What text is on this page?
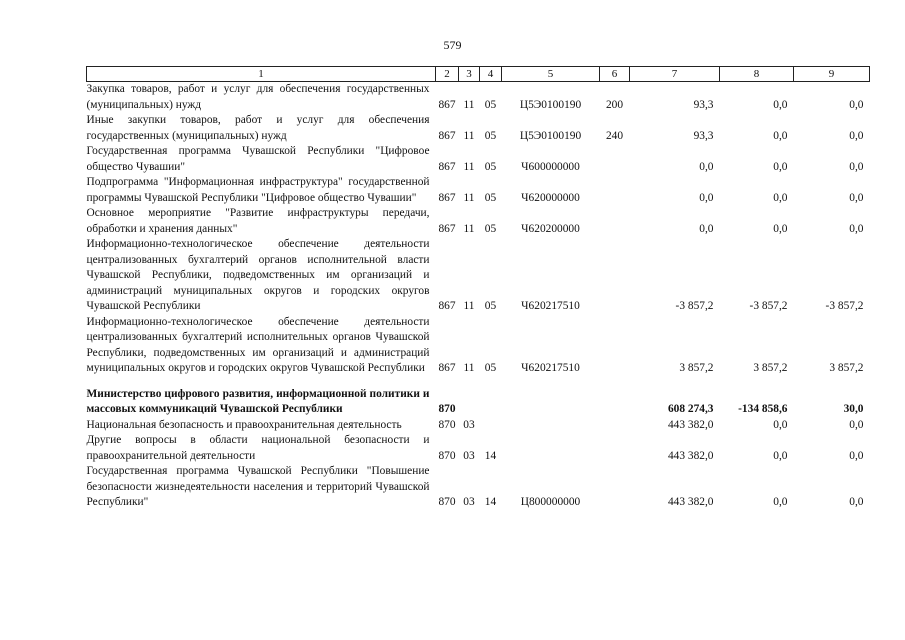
579
1	2	3	4	5	6	7	8	9
Закупка товаров, работ и услуг для обеспечения государственных (муниципальных) нужд	867	11	05	Ц5Э0100190	200	93,3	0,0	0,0
Иные закупки товаров, работ и услуг для обеспечения государственных (муниципальных) нужд	867	11	05	Ц5Э0100190	240	93,3	0,0	0,0
Государственная программа Чувашской Республики "Цифровое общество Чувашии"	867	11	05	Ч600000000		0,0	0,0	0,0
Подпрограмма "Информационная инфраструктура" государственной программы Чувашской Республики "Цифровое общество Чувашии"	867	11	05	Ч620000000		0,0	0,0	0,0
Основное мероприятие "Развитие инфраструктуры передачи, обработки и хранения данных"	867	11	05	Ч620200000		0,0	0,0	0,0
Информационно-технологическое обеспечение деятельности централизованных бухгалтерий органов исполнительной власти Чувашской Республики, подведомственных им организаций и администраций муниципальных округов и городских округов Чувашской Республики	867	11	05	Ч620217510		-3 857,2	-3 857,2	-3 857,2
Информационно-технологическое обеспечение деятельности централизованных бухгалтерий исполнительных органов Чувашской Республики, подведомственных им организаций и администраций муниципальных округов и городских округов Чувашской Республики	867	11	05	Ч620217510		3 857,2	3 857,2	3 857,2

Министерство цифрового развития, информационной политики и массовых коммуникаций Чувашской Республики	870					608 274,3	-134 858,6	30,0
Национальная безопасность и правоохранительная деятельность	870	03				443 382,0	0,0	0,0
Другие вопросы в области национальной безопасности и правоохранительной деятельности	870	03	14			443 382,0	0,0	0,0
Государственная программа Чувашской Республики "Повышение безопасности жизнедеятельности населения и территорий Чувашской Республики"	870	03	14	Ц800000000		443 382,0	0,0	0,0
